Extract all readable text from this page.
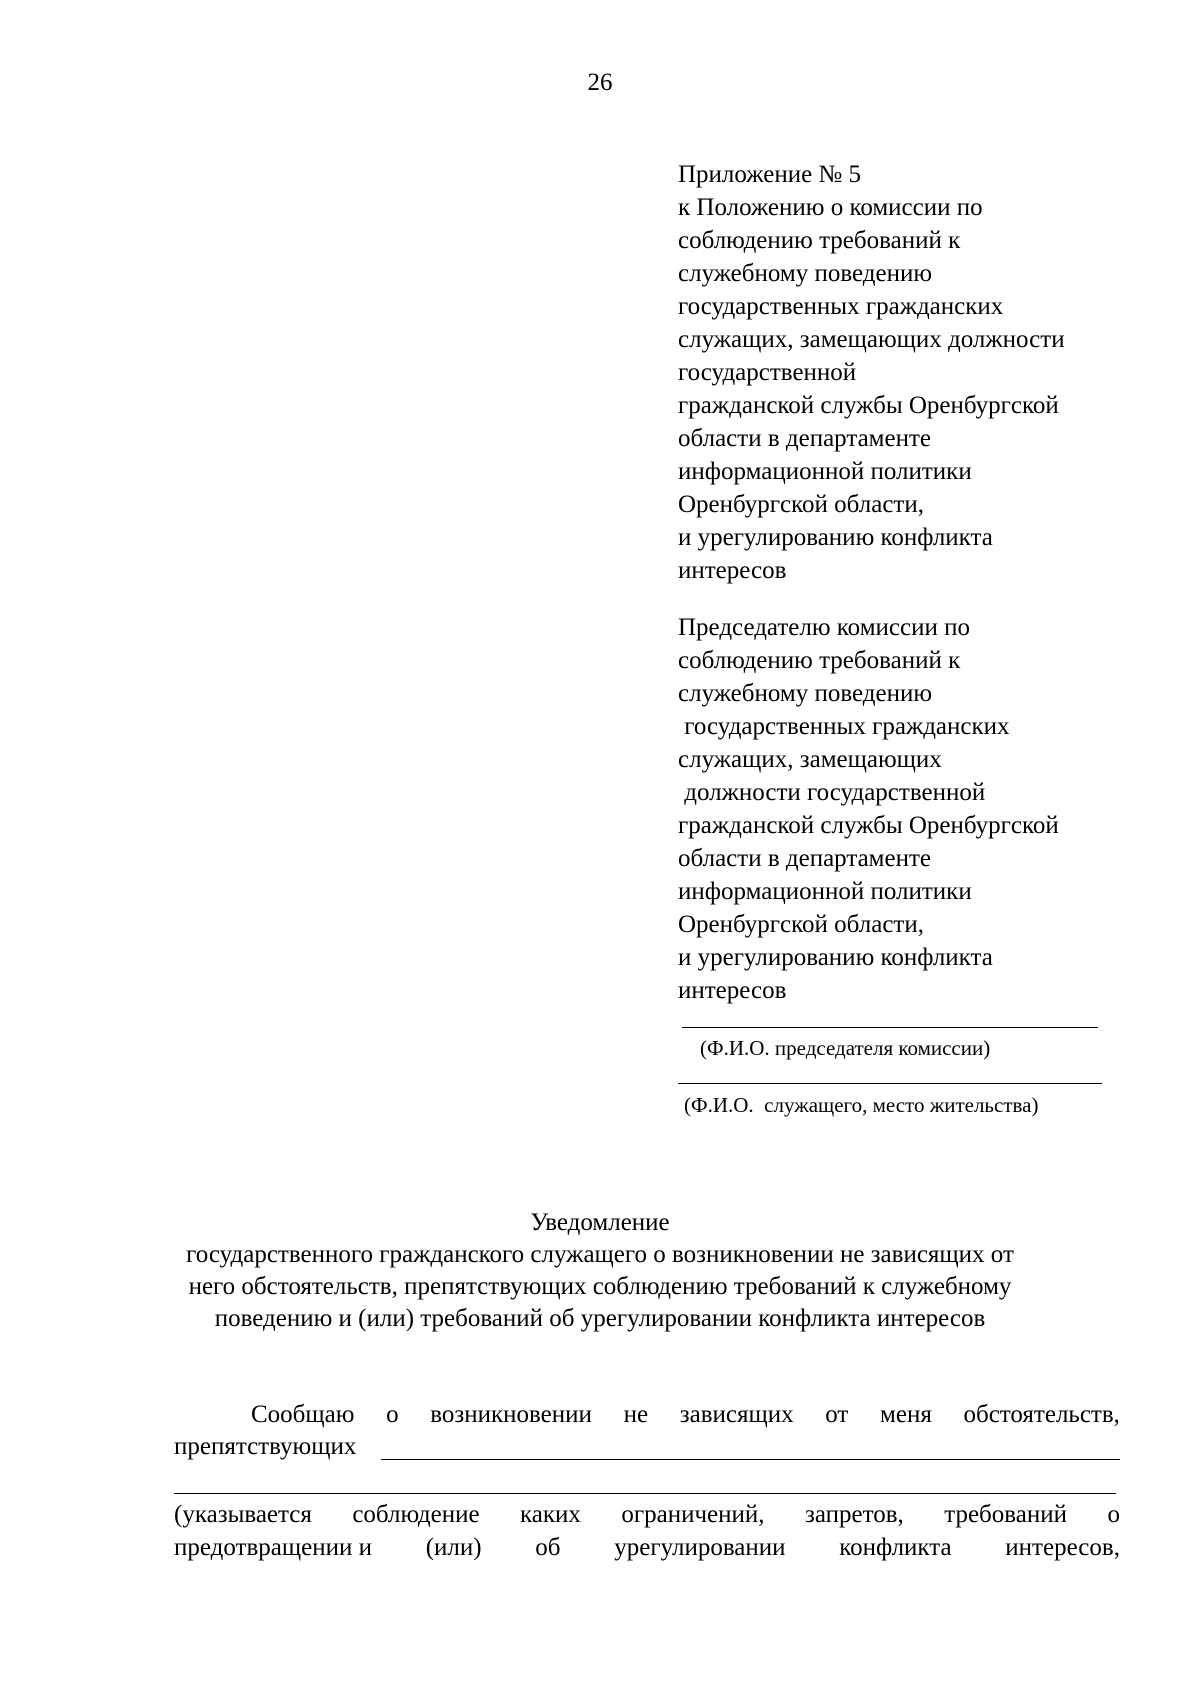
26
Приложение № 5
к Положению о комиссии по
соблюдению требований к
служебному поведению
государственных гражданских
служащих, замещающих должности
государственной
гражданской службы Оренбургской
области в департаменте
информационной политики
Оренбургской области,
и урегулированию конфликта
интересов
Председателю комиссии по
соблюдению требований к
служебному поведению
государственных гражданских
служащих, замещающих
должности государственной
гражданской службы Оренбургской
области в департаменте
информационной политики
Оренбургской области,
и урегулированию конфликта
интересов
(Ф.И.О. председателя комиссии)
(Ф.И.О.  служащего, место жительства)
Уведомление
государственного гражданского служащего о возникновении не зависящих от
него обстоятельств, препятствующих соблюдению требований к служебному
поведению и (или) требований об урегулировании конфликта интересов
Сообщаю о возникновении не зависящих от меня обстоятельств,
препятствующих
(указывается соблюдение каких ограничений, запретов, требований о
предотвращении и (или) об урегулировании конфликта интересов,
